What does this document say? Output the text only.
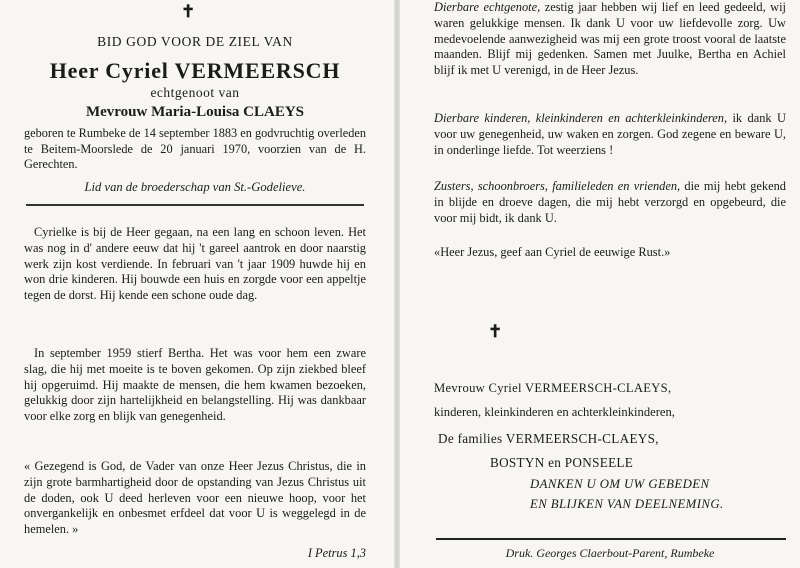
✝
BID GOD VOOR DE ZIEL VAN
Heer Cyriel VERMEERSCH
echtgenoot van
Mevrouw Maria-Louisa CLAEYS
geboren te Rumbeke de 14 september 1883 en godvruchtig overleden te Beitem-Moorslede de 20 januari 1970, voorzien van de H. Gerechten.
Lid van de broederschap van St.-Godelieve.
Cyrielke is bij de Heer gegaan, na een lang en schoon leven. Het was nog in d' andere eeuw dat hij 't gareel aantrok en door naarstig werk zijn kost verdiende. In februari van 't jaar 1909 huwde hij en won drie kinderen. Hij bouwde een huis en zorgde voor een appeltje tegen de dorst. Hij kende een schone oude dag.
In september 1959 stierf Bertha. Het was voor hem een zware slag, die hij met moeite is te boven gekomen. Op zijn ziekbed bleef hij opgeruimd. Hij maakte de mensen, die hem kwamen bezoeken, gelukkig door zijn hartelijkheid en belangstelling. Hij was dankbaar voor elke zorg en blijk van genegenheid.
« Gezegend is God, de Vader van onze Heer Jezus Christus, die in zijn grote barmhartigheid door de opstanding van Jezus Christus uit de doden, ook U deed herleven voor een nieuwe hoop, voor het onvergankelijk en onbesmet erfdeel dat voor U is weggelegd in de hemelen. »
I Petrus 1,3
Dierbare echtgenote, zestig jaar hebben wij lief en leed gedeeld, wij waren gelukkige mensen. Ik dank U voor uw liefdevolle zorg. Uw medevoelende aanwezigheid was mij een grote troost vooral de laatste maanden. Blijf mij gedenken. Samen met Juulke, Bertha en Achiel blijf ik met U verenigd, in de Heer Jezus.
Dierbare kinderen, kleinkinderen en achterkleinkinderen, ik dank U voor uw genegenheid, uw waken en zorgen. God zegene en beware U, in onderlinge liefde. Tot weerziens !
Zusters, schoonbroers, familieleden en vrienden, die mij hebt gekend in blijde en droeve dagen, die mij hebt verzorgd en opgebeurd, die voor mij bidt, ik dank U.
«Heer Jezus, geef aan Cyriel de eeuwige Rust.»
✝
Mevrouw Cyriel VERMEERSCH-CLAEYS,
kinderen, kleinkinderen en achterkleinkinderen,
De families VERMEERSCH-CLAEYS,
BOSTYN en PONSEELE
DANKEN U OM UW GEBEDEN
EN BLIJKEN VAN DEELNEMING.
Druk. Georges Claerbout-Parent, Rumbeke
